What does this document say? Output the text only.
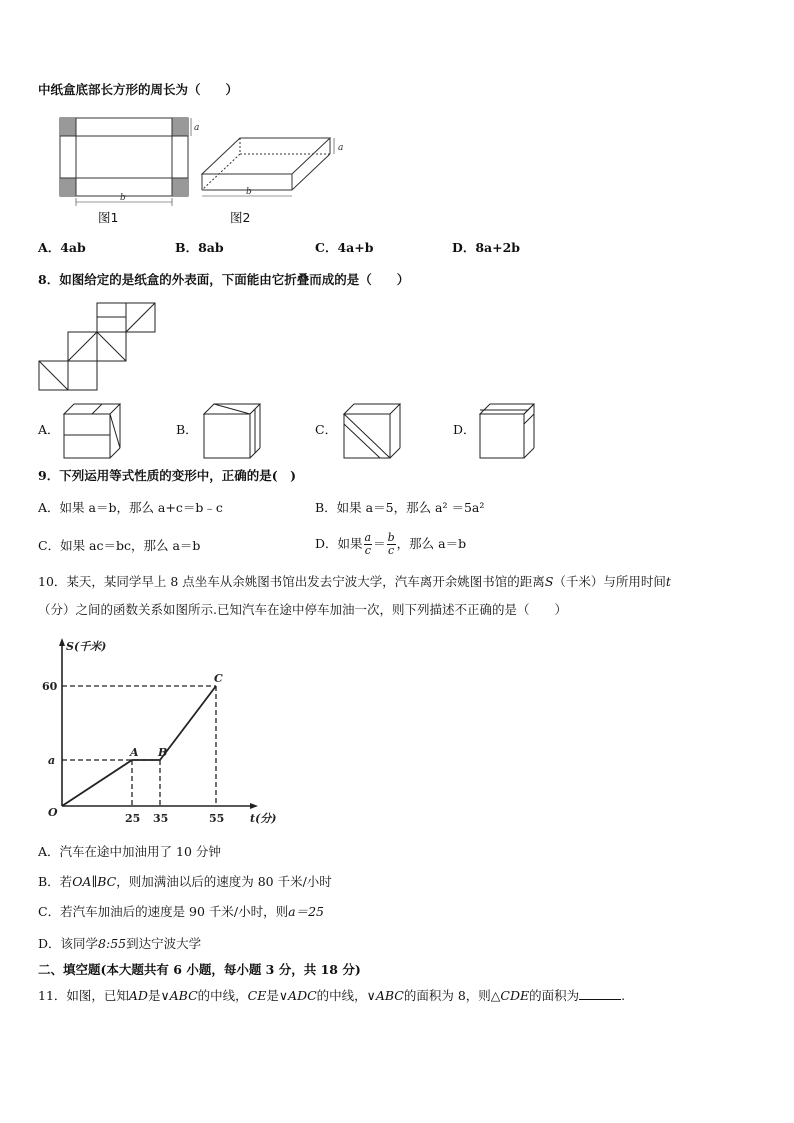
中纸盒底部长方形的周长为（　　）
a
b
图1
a
b
图2
A．4ab	B．8ab	C．4a+b	D．8a+2b
8．如图给定的是纸盒的外表面，下面能由它折叠而成的是（　　）
A．	B．	C．	D．
9．下列运用等式性质的变形中，正确的是(　)
A．如果 a＝b，那么 a+c＝b﹣c	B．如果 a＝5，那么 a² ＝5a²
C．如果 ac＝bc，那么 a＝b	D．如果 $\frac{a}{c} = \frac{b}{c}$ ，那么 a＝b
10．某天，某同学早上 8 点坐车从余姚图书馆出发去宁波大学，汽车离开余姚图书馆的距离S（千米）与所用时间t
（分）之间的函数关系如图所示.已知汽车在途中停车加油一次，则下列描述不正确的是（　　）
S(千米)
t(分)
O
A B
C
25 35	55
a
60
A．汽车在途中加油用了 10 分钟
B．若OA∥BC，则加满油以后的速度为 80 千米/小时
C．若汽车加油后的速度是 90 千米/小时，则a＝25
D．该同学8:55到达宁波大学
二、填空题(本大题共有 6 小题，每小题 3 分，共 18 分)
11．如图，已知AD是∨ABC的中线，CE是∨ADC的中线，∨ABC的面积为 8，则△CDE的面积为	.
